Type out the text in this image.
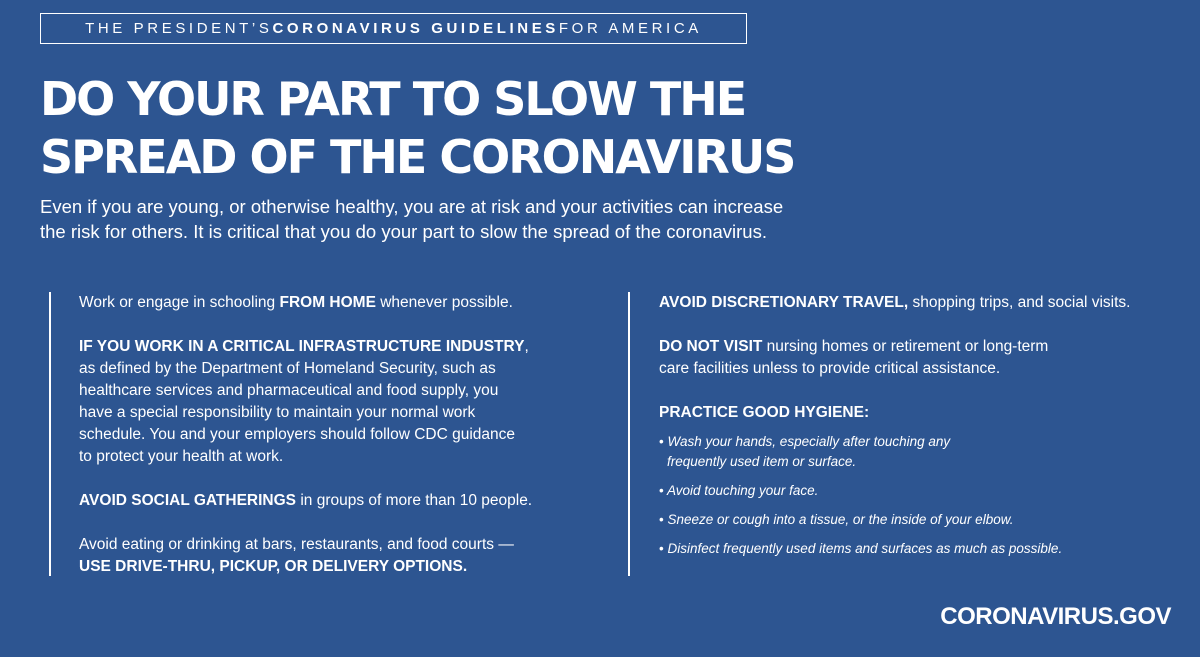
THE PRESIDENT’S CORONAVIRUS GUIDELINES FOR AMERICA
DO YOUR PART TO SLOW THE
SPREAD OF THE CORONAVIRUS

Even if you are young, or otherwise healthy, you are at risk and your activities can increase
the risk for others. It is critical that you do your part to slow the spread of the coronavirus.

Work or engage in schooling FROM HOME whenever possible.

IF YOU WORK IN A CRITICAL INFRASTRUCTURE INDUSTRY,
as defined by the Department of Homeland Security, such as
healthcare services and pharmaceutical and food supply, you
have a special responsibility to maintain your normal work
schedule. You and your employers should follow CDC guidance
to protect your health at work.

AVOID SOCIAL GATHERINGS in groups of more than 10 people.

Avoid eating or drinking at bars, restaurants, and food courts —
USE DRIVE-THRU, PICKUP, OR DELIVERY OPTIONS.

AVOID DISCRETIONARY TRAVEL, shopping trips, and social visits.

DO NOT VISIT nursing homes or retirement or long-term
care facilities unless to provide critical assistance.

PRACTICE GOOD HYGIENE:

• Wash your hands, especially after touching any
frequently used item or surface.
• Avoid touching your face.
• Sneeze or cough into a tissue, or the inside of your elbow.
• Disinfect frequently used items and surfaces as much as possible.
CORONAVIRUS.GOV
